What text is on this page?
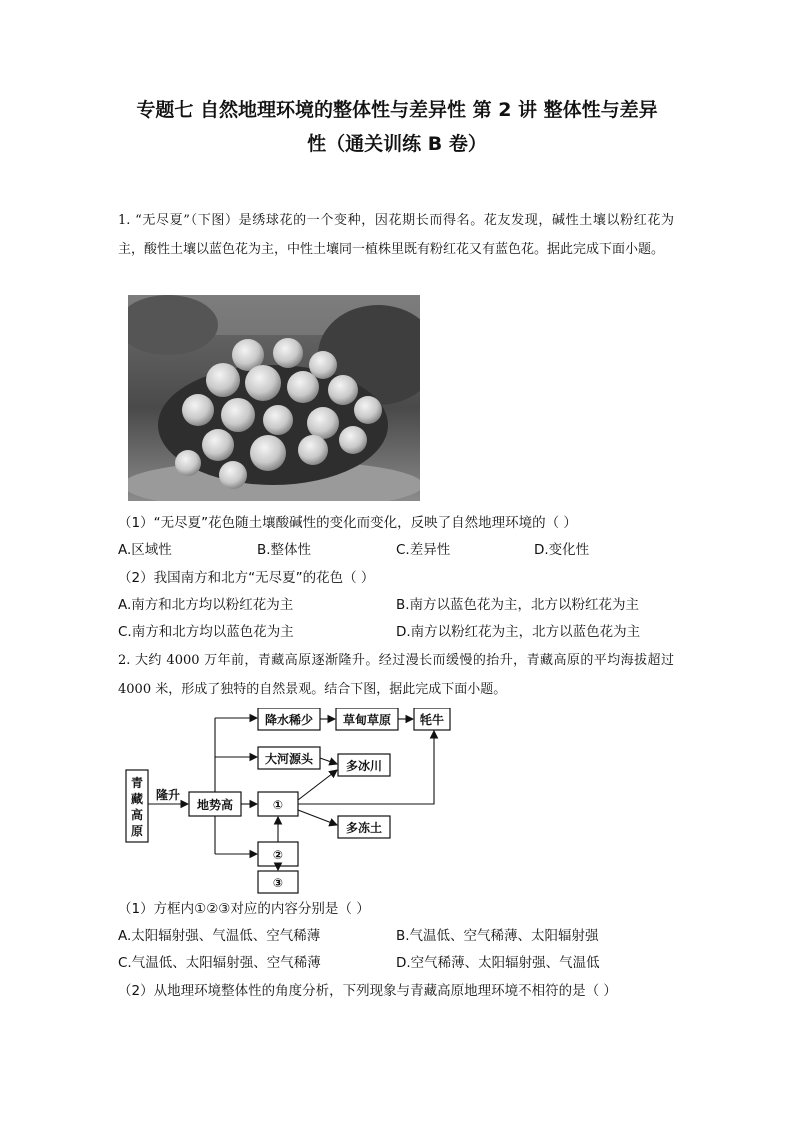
专题七 自然地理环境的整体性与差异性 第 2 讲 整体性与差异
性（通关训练 B 卷）

1. “无尽夏”（下图）是绣球花的一个变种，因花期长而得名。花友发现，碱性土壤以粉红花为主，酸性土壤以蓝色花为主，中性土壤同一植株里既有粉红花又有蓝色花。据此完成下面小题。

（1）“无尽夏”花色随土壤酸碱性的变化而变化，反映了自然地理环境的（ ）
A.区域性	B.整体性	C.差异性	D.变化性
（2）我国南方和北方“无尽夏”的花色（ ）
A.南方和北方均以粉红花为主	B.南方以蓝色花为主，北方以粉红花为主
C.南方和北方均以蓝色花为主	D.南方以粉红花为主，北方以蓝色花为主

2. 大约 4000 万年前，青藏高原逐渐隆升。经过漫长而缓慢的抬升，青藏高原的平均海拔超过 4000 米，形成了独特的自然景观。结合下图，据此完成下面小题。

青
藏
高
原
隆升
地势高
降水稀少 草甸草原 牦牛
大河源头	多冰川
①
多冻土
②
③
（1）方框内①②③对应的内容分别是（ ）
A.太阳辐射强、气温低、空气稀薄	B.气温低、空气稀薄、太阳辐射强
C.气温低、太阳辐射强、空气稀薄	D.空气稀薄、太阳辐射强、气温低
（2）从地理环境整体性的角度分析，下列现象与青藏高原地理环境不相符的是（ ）
